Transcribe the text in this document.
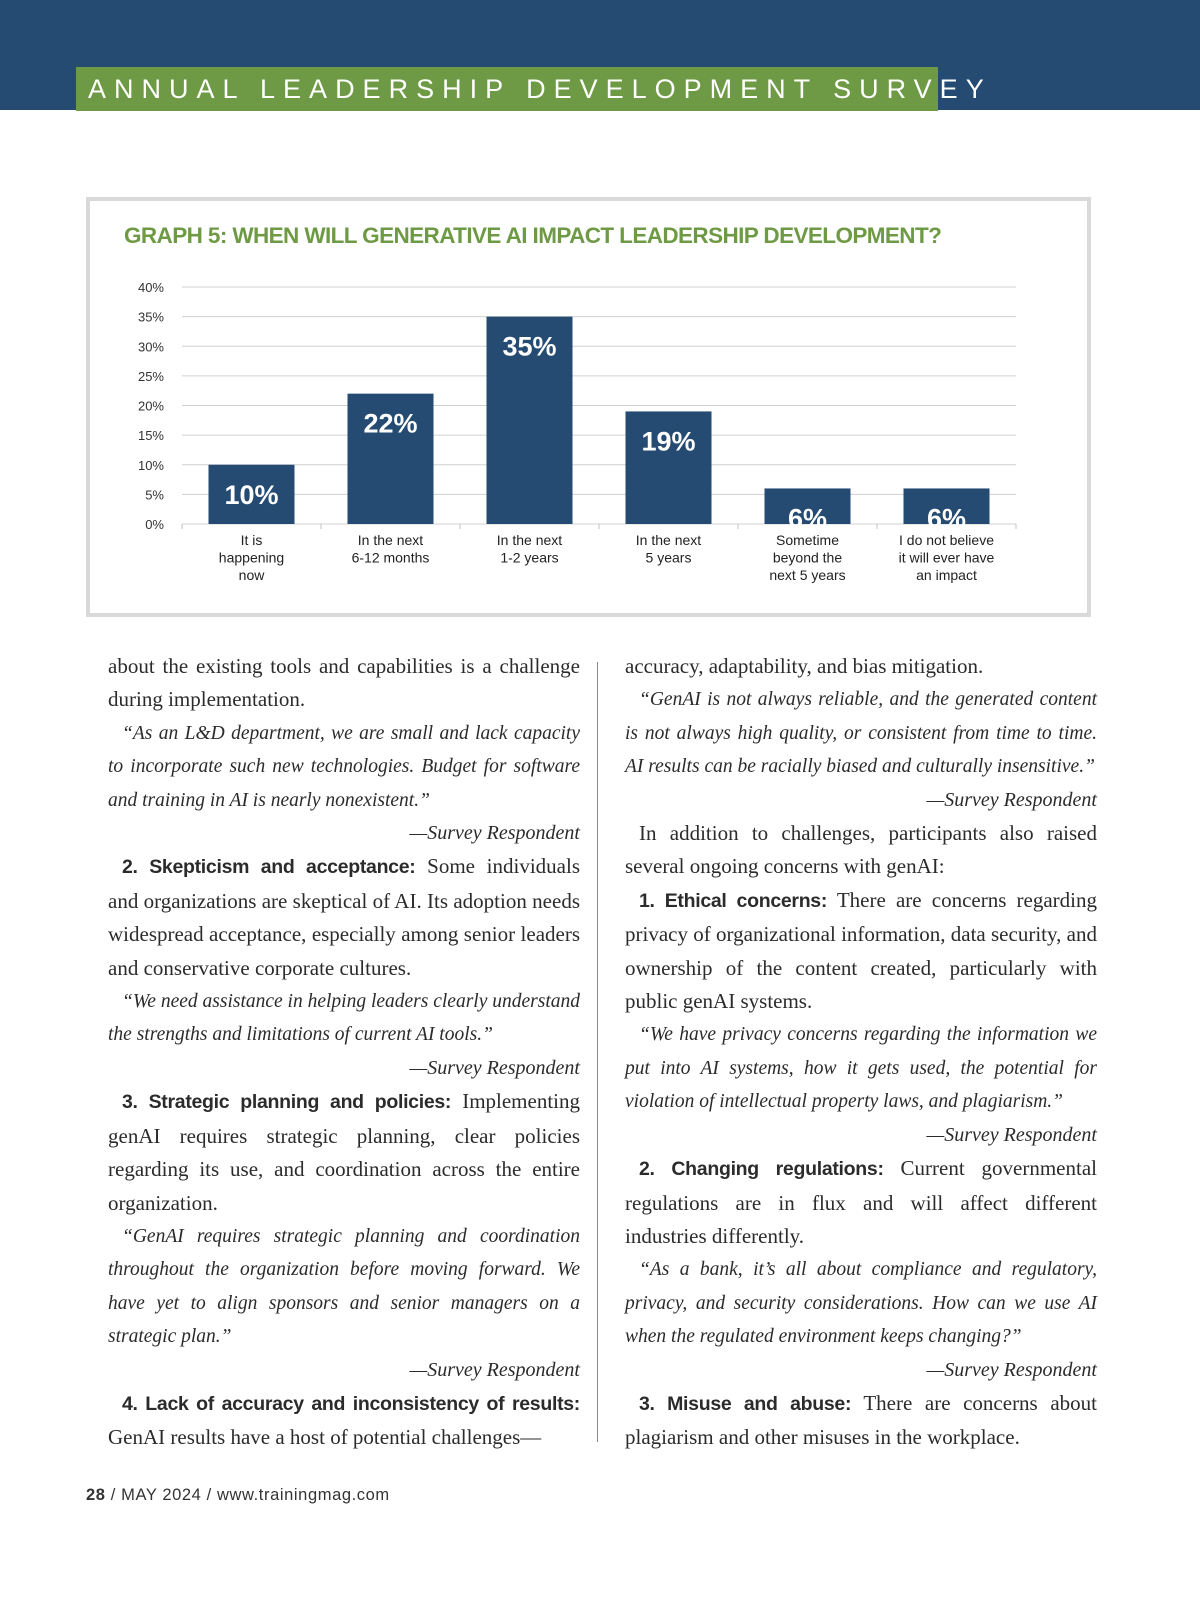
ANNUAL LEADERSHIP DEVELOPMENT SURVEY
GRAPH 5: WHEN WILL GENERATIVE AI IMPACT LEADERSHIP DEVELOPMENT?
0%
5%
10%
15%
20%
25%
30%
35%
40%
10%
It is
happening
now
22%
In the next
6-12 months
35%
In the next
1-2 years
19%
In the next
5 years
6%
Sometime
beyond the
next 5 years
6%
I do not believe
it will ever have
an impact

about the existing tools and capabilities is a challenge during implementation.

“As an L&D department, we are small and lack capacity to incorporate such new technologies. Budget for software and training in AI is nearly nonexistent.”

—Survey Respondent

2. Skepticism and acceptance: Some individuals and organizations are skeptical of AI. Its adoption needs widespread acceptance, especially among senior leaders and conservative corporate cultures.

“We need assistance in helping leaders clearly understand the strengths and limitations of current AI tools.”

—Survey Respondent

3. Strategic planning and policies: Implementing genAI requires strategic planning, clear policies regarding its use, and coordination across the entire organization.

“GenAI requires strategic planning and coordination throughout the organization before moving forward. We have yet to align sponsors and senior managers on a strategic plan.”

—Survey Respondent

4. Lack of accuracy and inconsistency of results: GenAI results have a host of potential challenges—

accuracy, adaptability, and bias mitigation.

“GenAI is not always reliable, and the generated content is not always high quality, or consistent from time to time. AI results can be racially biased and culturally insensitive.”

—Survey Respondent

In addition to challenges, participants also raised several ongoing concerns with genAI:

1. Ethical concerns: There are concerns regarding privacy of organizational information, data security, and ownership of the content created, particularly with public genAI systems.

“We have privacy concerns regarding the information we put into AI systems, how it gets used, the potential for violation of intellectual property laws, and plagiarism.”

—Survey Respondent

2. Changing regulations: Current governmental regulations are in flux and will affect different industries differently.

“As a bank, it’s all about compliance and regulatory, privacy, and security considerations. How can we use AI when the regulated environment keeps changing?”

—Survey Respondent

3. Misuse and abuse: There are concerns about plagiarism and other misuses in the workplace.

28 / MAY 2024 / www.trainingmag.com
